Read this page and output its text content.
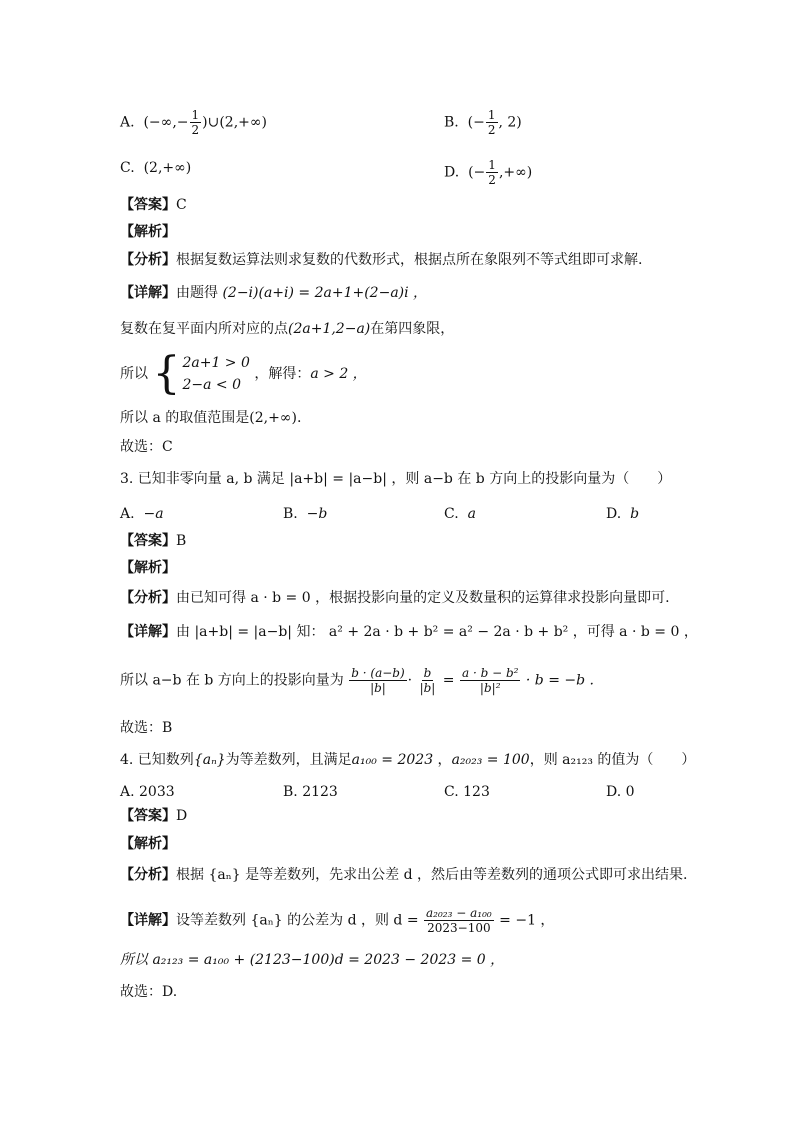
A. (−∞,− $\frac{1}{2}$ )∪(2,+∞)	B. (− $\frac{1}{2}$ , 2)
C. (2,+∞)	D. (− $\frac{1}{2}$ ,+∞)
【答案】C
【解析】
【分析】根据复数运算法则求复数的代数形式，根据点所在象限列不等式组即可求解.
【详解】由题得 (2−i)(a+i) = 2a+1+(2−a)i ，
复数在复平面内所对应的点(2a+1,2−a)在第四象限，
所以 { 2a+1 > 0
2−a < 0
，解得：a > 2 ，
所以 a 的取值范围是(2,+∞).
故选：C
3. 已知非零向量 a, b 满足 |a+b| = |a−b| ，则 a−b 在 b 方向上的投影向量为（　　）
A. −a	B. −b	C. a	D. b
【答案】B
【解析】
【分析】由已知可得 a · b = 0 ，根据投影向量的定义及数量积的运算律求投影向量即可.
【详解】由 |a+b| = |a−b| 知： a² + 2a · b + b² = a² − 2a · b + b² ，可得 a · b = 0 ，
所以 a−b 在 b 方向上的投影向量为 $\frac{b \cdot (a-b)}{|b|} \cdot \frac{b}{|b|} = \frac{\text{a · b − b²}}{\text{|b|²}} \cdot b = -b$ .
故选：B
4. 已知数列{aₙ}为等差数列，且满足a₁₀₀ = 2023 ，a₂₀₂₃ = 100，则 a₂₁₂₃ 的值为（　　）
A. 2033	B. 2123	C. 123	D. 0
【答案】D
【解析】
【分析】根据 {aₙ} 是等差数列，先求出公差 d ，然后由等差数列的通项公式即可求出结果.
【详解】设等差数列 {aₙ} 的公差为 d ，则 $d = \frac{\text{a₂₀₂₃ − a₁₀₀}}{2023-100} = -1$ ，
所以 a₂₁₂₃ = a₁₀₀ + (2123−100)d = 2023 − 2023 = 0 ，
故选：D.
